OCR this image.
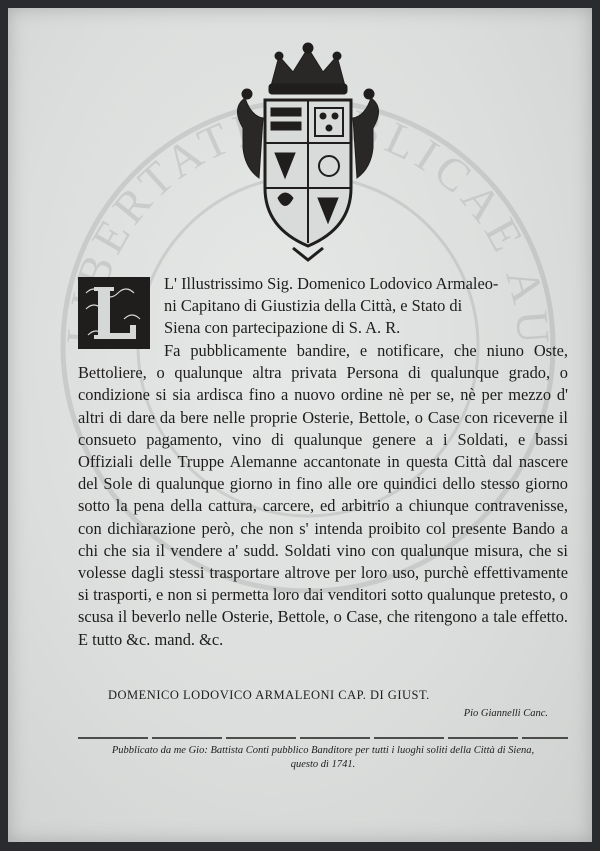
BERTAT LICAE AU

L' Illustrissimo Sig. Domenico Lodovico Armaleo-

ni Capitano di Giustizia della Città, e Stato di

Siena con partecipazione di S. A. R.

Fa pubblicamente bandire, e notificare, che niuno Oste, Bettoliere, o qualunque altra privata Persona di qualunque grado, o condizione si sia ardisca fino a nuovo ordine nè per se, nè per mezzo d' altri di dare da bere nelle proprie Osterie, Bettole, o Case con riceverne il consueto pagamento, vino di qualunque genere a i Soldati, e bassi Offiziali delle Truppe Alemanne accantonate in questa Città dal nascere del Sole di qualunque giorno in fino alle ore quindici dello stesso giorno sotto la pena della cattura, carcere, ed arbitrio a chiunque contravenisse, con dichiarazione però, che non s' intenda proibito col presente Bando a chi che sia il vendere a' sudd. Soldati vino con qualunque misura, che si volesse dagli stessi trasportare altrove per loro uso, purchè effettivamente si trasporti, e non si permetta loro dai venditori sotto qualunque pretesto, o scusa il beverlo nelle Osterie, Bettole, o Case, che ritengono a tale effetto. E tutto &c. mand. &c.

DOMENICO LODOVICO ARMALEONI CAP. DI GIUST.
Pio Giannelli Canc.
Pubblicato da me Gio: Battista Conti pubblico Banditore per tutti i luoghi soliti della Città di Siena,
questo dì 1741.
